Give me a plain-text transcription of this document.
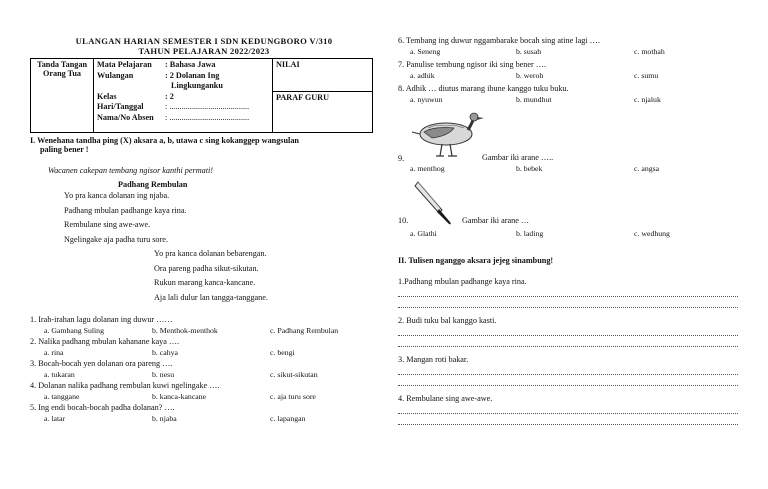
ULANGAN HARIAN SEMESTER I SDN KEDUNGBORO V/310
TAHUN PELAJARAN 2022/2023
Tanda Tangan Orang Tua	
Mata Pelajaran : Bahasa Jawa
Wulangan	: 2 Dolanan Ing
Lingkunganku
Kelas	: 2
Hari/Tanggal	: .......................................
Nama/No Absen : .......................................
	NILAI
PARAF GURU
I. Wenehana tandha ping (X) aksara a, b, utawa c sing kokanggep wangsulan
paling bener !
Wacanen cakepan tembang ngisor kanthi permati!
Padhang Rembulan
Yo pra kanca dolanan ing njaba.
Padhang mbulan padhange kaya rina.
Rembulane sing awe-awe.
Ngelingake aja padha turu sore.
Yo pra kanca dolanan bebarengan.
Ora pareng padha sikut-sikutan.
Rukun marang kanca-kancane.
Aja lali dulur lan tangga-tanggane.
1. Irah-irahan lagu dolanan ing duwur ……
a. Gambang Suling	b. Menthok-menthok	c. Padhang Rembulan
2. Nalika padhang mbulan kahanane kaya ….
a. rina	b. cahya	c. bengi
3. Bocah-bocah yen dolanan ora pareng ….
a. tukaran	b. nesu	c. sikut-sikutan
4. Dolanan nalika padhang rembulan kuwi ngelingake ….
a. tanggane	b. kanca-kancane	c. aja turu sore
5. Ing endi bocah-bocah padha dolanan? ….
a. latar	b. njaba	c. lapangan
6. Tembang ing duwur nggambarake bocah sing atine lagi ….
a. Seneng	b. susah	c. mothah
7. Panulise tembung ngisor iki sing bener ….
a. adhik	b. weroh	c. sumu
8. Adhik … diutus marang ibune kanggo tuku buku.
a. nyuwun	b. mundhut	c. njaluk
9.	Gambar iki arane …..
a. menthog	b. bebek	c. angsa
10.	Gambar iki arane …
a. Glathi	b. lading	c. wedhung
II. Tulisen nganggo aksara jejeg sinambung!
1.Padhang mbulan padhange kaya rina.
2. Budi tuku bal kanggo kasti.
3. Mangan roti bakar.
4. Rembulane sing awe-awe.
